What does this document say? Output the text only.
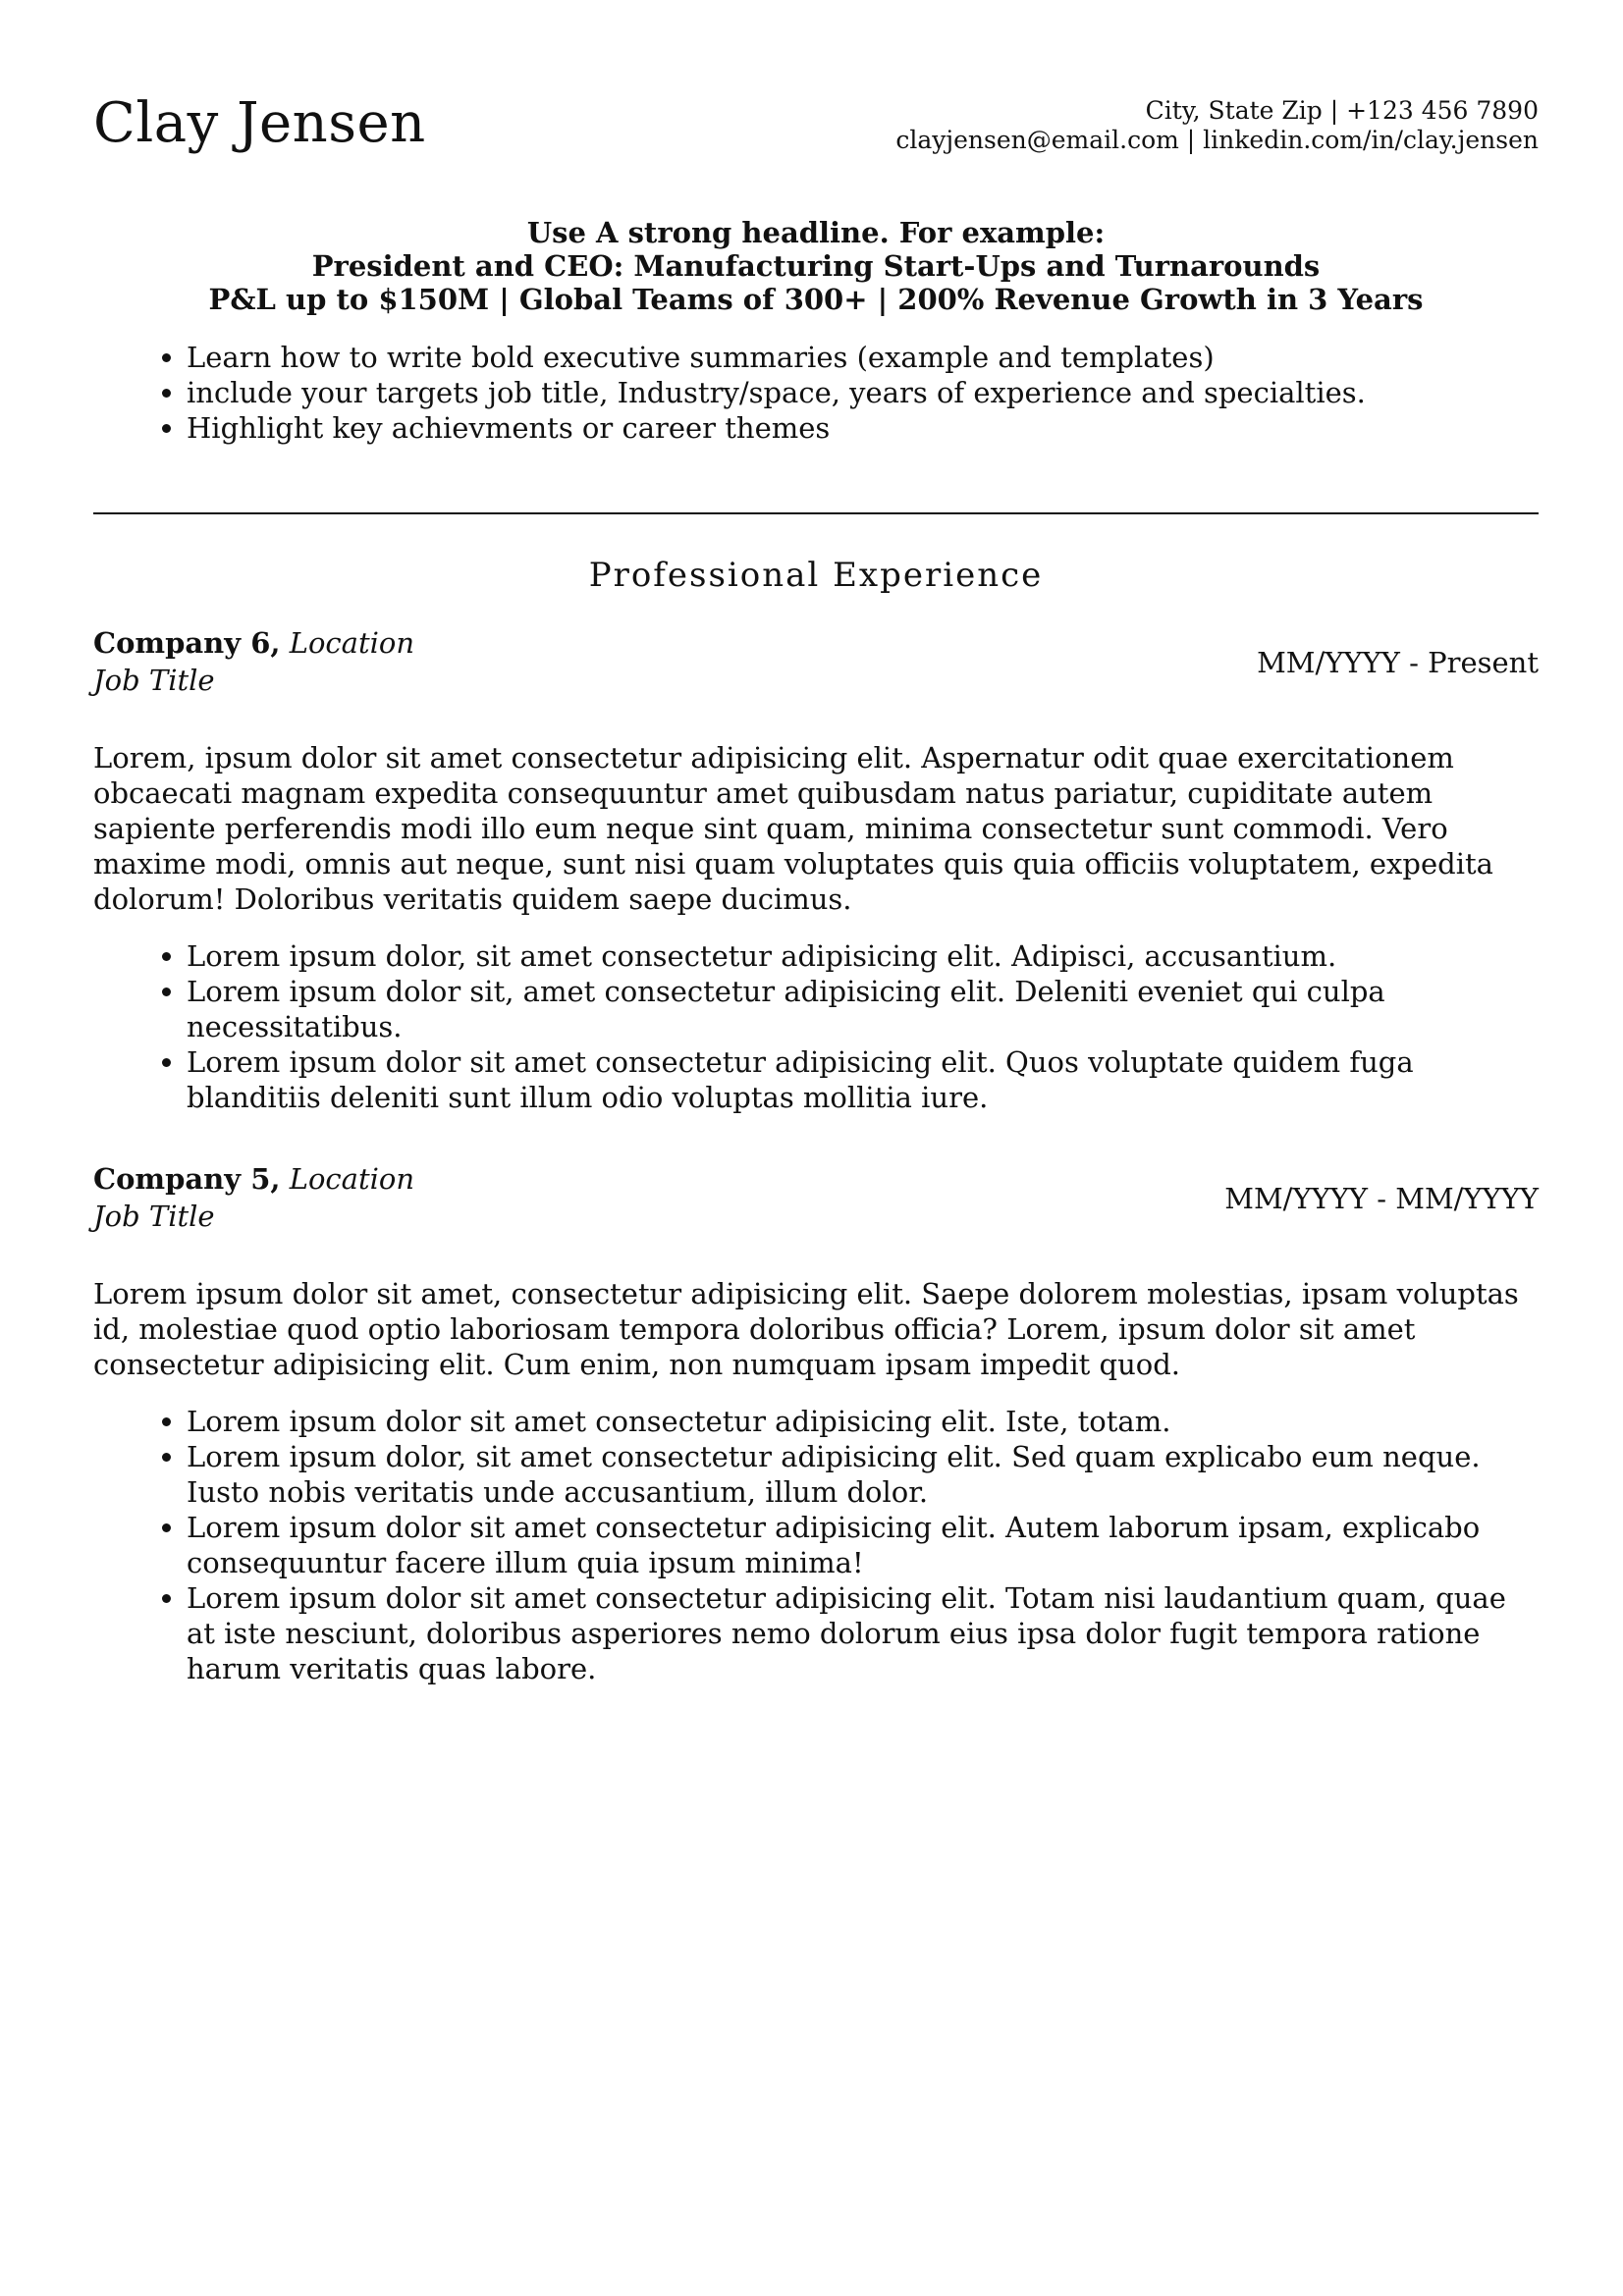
Clay Jensen	City, State Zip | +123 456 7890
clayjensen@email.com | linkedin.com/in/clay.jensen
Use A strong headline. For example:
President and CEO: Manufacturing Start-Ups and Turnarounds
P&L up to $150M | Global Teams of 300+ | 200% Revenue Growth in 3 Years
• Learn how to write bold executive summaries (example and templates)
• include your targets job title, Industry/space, years of experience and specialties.
• Highlight key achievments or career themes
Professional Experience
Company 6, Location
Job Title
MM/YYYY - Present
Lorem, ipsum dolor sit amet consectetur adipisicing elit. Aspernatur odit quae exercitationem obcaecati magnam expedita consequuntur amet quibusdam natus pariatur, cupiditate autem sapiente perferendis modi illo eum neque sint quam, minima consectetur sunt commodi. Vero maxime modi, omnis aut neque, sunt nisi quam voluptates quis quia officiis voluptatem, expedita dolorum! Doloribus veritatis quidem saepe ducimus.
• Lorem ipsum dolor, sit amet consectetur adipisicing elit. Adipisci, accusantium.
• Lorem ipsum dolor sit, amet consectetur adipisicing elit. Deleniti eveniet qui culpa necessitatibus.
• Lorem ipsum dolor sit amet consectetur adipisicing elit. Quos voluptate quidem fuga blanditiis deleniti sunt illum odio voluptas mollitia iure.
Company 5, Location
Job Title
MM/YYYY - MM/YYYY
Lorem ipsum dolor sit amet, consectetur adipisicing elit. Saepe dolorem molestias, ipsam voluptas id, molestiae quod optio laboriosam tempora doloribus officia? Lorem, ipsum dolor sit amet consectetur adipisicing elit. Cum enim, non numquam ipsam impedit quod.
• Lorem ipsum dolor sit amet consectetur adipisicing elit. Iste, totam.
• Lorem ipsum dolor, sit amet consectetur adipisicing elit. Sed quam explicabo eum neque. Iusto nobis veritatis unde accusantium, illum dolor.
• Lorem ipsum dolor sit amet consectetur adipisicing elit. Autem laborum ipsam, explicabo consequuntur facere illum quia ipsum minima!
• Lorem ipsum dolor sit amet consectetur adipisicing elit. Totam nisi laudantium quam, quae at iste nesciunt, doloribus asperiores nemo dolorum eius ipsa dolor fugit tempora ratione harum veritatis quas labore.
